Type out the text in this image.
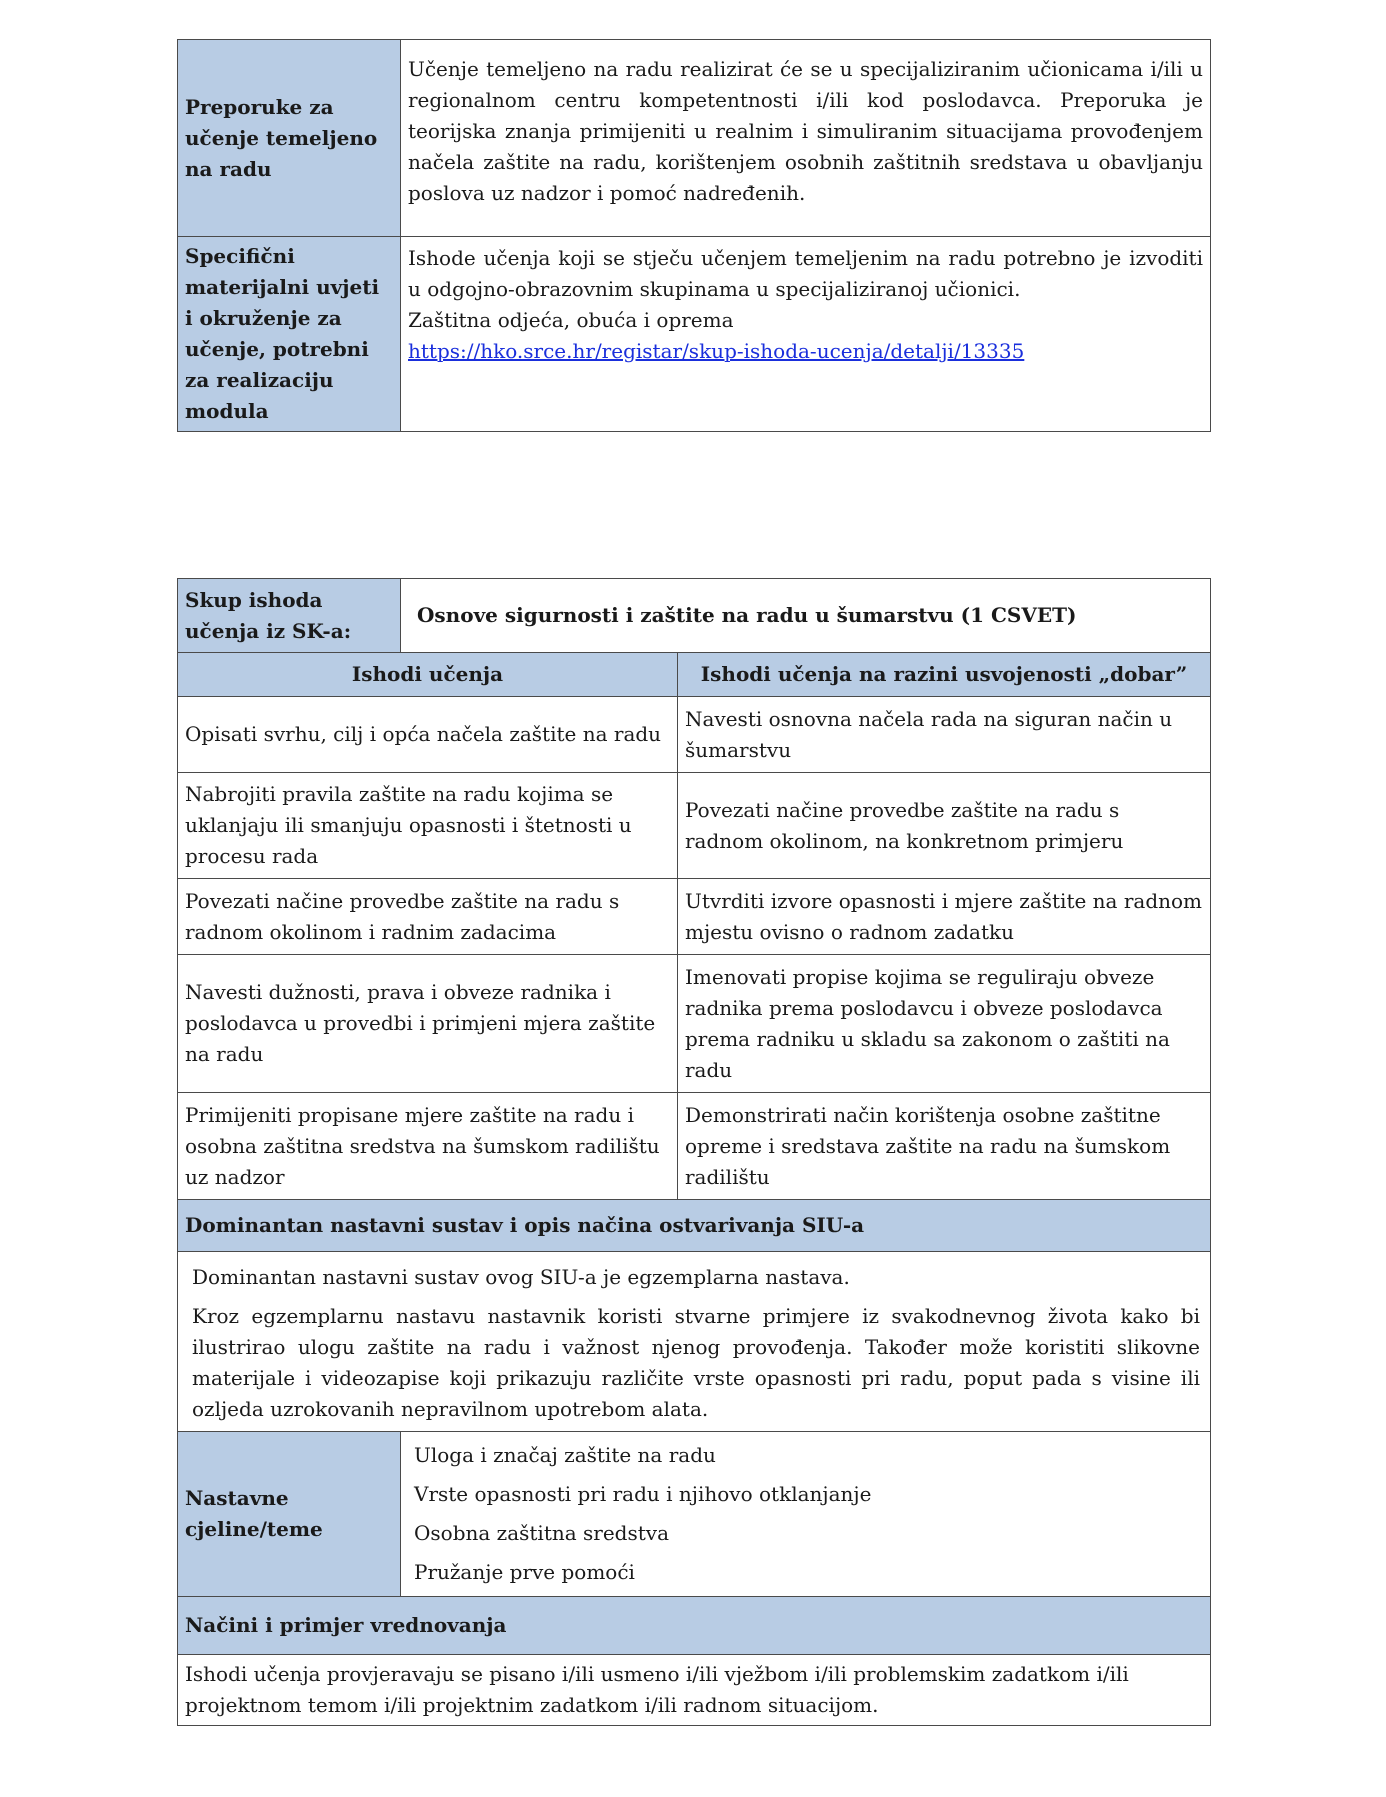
Preporuke za učenje temeljeno na radu	Učenje temeljeno na radu realizirat će se u specijaliziranim učionicama i/ili u regionalnom centru kompetentnosti i/ili kod poslodavca. Preporuka je teorijska znanja primijeniti u realnim i simuliranim situacijama provođenjem načela zaštite na radu, korištenjem osobnih zaštitnih sredstava u obavljanju poslova uz nadzor i pomoć nadređenih.
Specifični materijalni uvjeti i okruženje za učenje, potrebni za realizaciju modula	Ishode učenja koji se stječu učenjem temeljenim na radu potrebno je izvoditi u odgojno-obrazovnim skupinama u specijaliziranoj učionici.
Zaštitna odjeća, obuća i oprema
https://hko.srce.hr/registar/skup-ishoda-ucenja/detalji/13335
Skup ishoda učenja iz SK-a:	Osnove sigurnosti i zaštite na radu u šumarstvu (1 CSVET)	
Ishodi učenja		Ishodi učenja na razini usvojenosti „dobar”
Opisati svrhu, cilj i opća načela zaštite na radu		Navesti osnovna načela rada na siguran način u šumarstvu
Nabrojiti pravila zaštite na radu kojima se uklanjaju ili smanjuju opasnosti i štetnosti u procesu rada		Povezati načine provedbe zaštite na radu s radnom okolinom, na konkretnom primjeru
Povezati načine provedbe zaštite na radu s radnom okolinom i radnim zadacima		Utvrditi izvore opasnosti i mjere zaštite na radnom mjestu ovisno o radnom zadatku
Navesti dužnosti, prava i obveze radnika i poslodavca u provedbi i primjeni mjera zaštite na radu		Imenovati propise kojima se reguliraju obveze radnika prema poslodavcu i obveze poslodavca prema radniku u skladu sa zakonom o zaštiti na radu
Primijeniti propisane mjere zaštite na radu i osobna zaštitna sredstva na šumskom radilištu uz nadzor		Demonstrirati način korištenja osobne zaštitne opreme i sredstava zaštite na radu na šumskom radilištu
Dominantan nastavni sustav i opis načina ostvarivanja SIU-a		

Dominantan nastavni sustav ovog SIU-a je egzemplarna nastava.

Kroz egzemplarnu nastavu nastavnik koristi stvarne primjere iz svakodnevnog života kako bi ilustrirao ulogu zaštite na radu i važnost njenog provođenja. Također može koristiti slikovne materijale i videozapise koji prikazuju različite vrste opasnosti pri radu, poput pada s visine ili ozljeda uzrokovanih nepravilnom upotrebom alata.		

Nastavne cjeline/teme	Uloga i značaj zaštite na radu
Vrste opasnosti pri radu i njihovo otklanjanje
Osobna zaštitna sredstva
Pružanje prve pomoći	

Načini i primjer vrednovanja		
Ishodi učenja provjeravaju se pisano i/ili usmeno i/ili vježbom i/ili problemskim zadatkom i/ili projektnom temom i/ili projektnim zadatkom i/ili radnom situacijom.		
